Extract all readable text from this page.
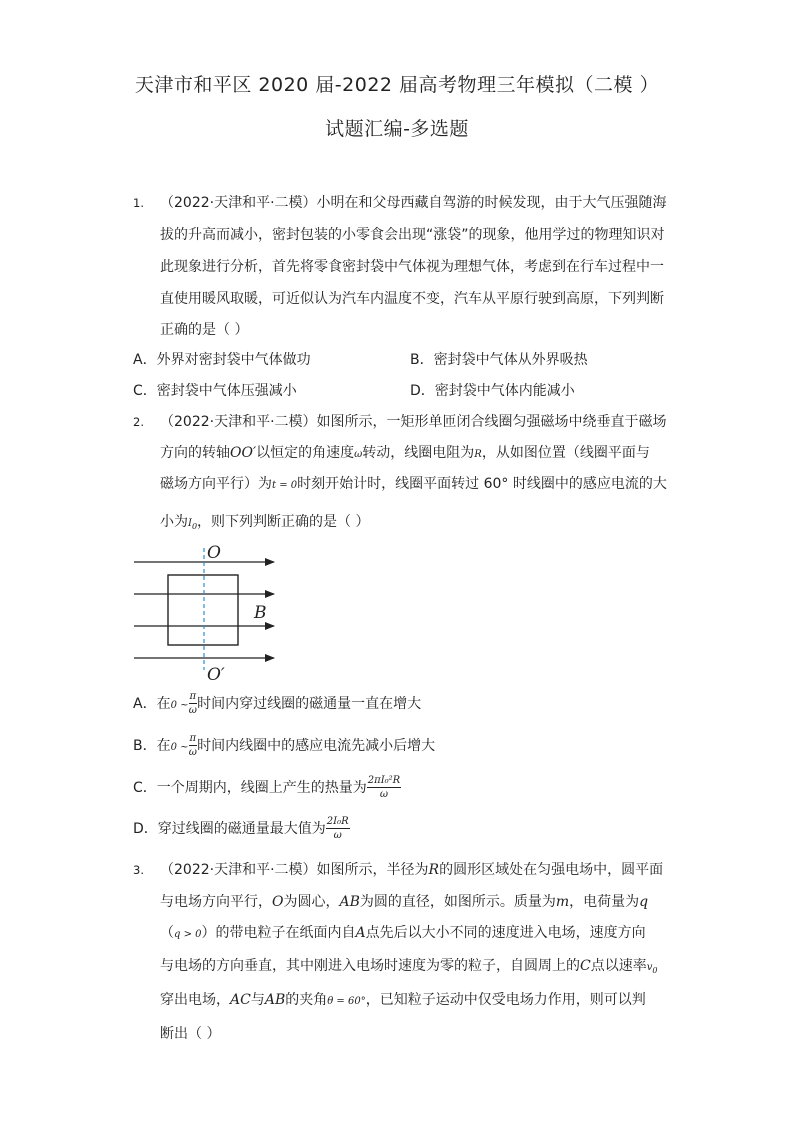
天津市和平区 2020 届-2022 届高考物理三年模拟（二模 ）
试题汇编-多选题
1. （2022·天津和平·二模）小明在和父母西藏自驾游的时候发现，由于大气压强随海
拔的升高而减小，密封包装的小零食会出现“涨袋”的现象，他用学过的物理知识对
此现象进行分析，首先将零食密封袋中气体视为理想气体，考虑到在行车过程中一
直使用暖风取暖，可近似认为汽车内温度不变，汽车从平原行驶到高原，下列判断
正确的是（ ）
A．外界对密封袋中气体做功	B．密封袋中气体从外界吸热
C．密封袋中气体压强减小	D．密封袋中气体内能减小
2. （2022·天津和平·二模）如图所示，一矩形单匝闭合线圈匀强磁场中绕垂直于磁场
方向的转轴OO′以恒定的角速度ω转动，线圈电阻为R，从如图位置（线圈平面与
磁场方向平行）为t = 0时刻开始计时，线圈平面转过 60° 时线圈中的感应电流的大
小为$I_0$，则下列判断正确的是（ ）
O
O′
B
A．在0 ~ $\frac{\pi}{\omega}$ 时间内穿过线圈的磁通量一直在增大
B．在0 ~ $\frac{\pi}{\omega}$ 时间内线圈中的感应电流先减小后增大
C．一个周期内，线圈上产生的热量为 $\frac{\text{2πI₀²R}}{\omega}$
D．穿过线圈的磁通量最大值为 $\frac{\text{2I₀R}}{\omega}$
3. （2022·天津和平·二模）如图所示，半径为R的圆形区域处在匀强电场中，圆平面
与电场方向平行，O为圆心，AB为圆的直径，如图所示。质量为m，电荷量为q
（q > 0）的带电粒子在纸面内自A点先后以大小不同的速度进入电场，速度方向
与电场的方向垂直，其中刚进入电场时速度为零的粒子，自圆周上的C点以速率$v_0$
穿出电场，AC与AB的夹角θ = 60°，已知粒子运动中仅受电场力作用，则可以判
断出（ ）
